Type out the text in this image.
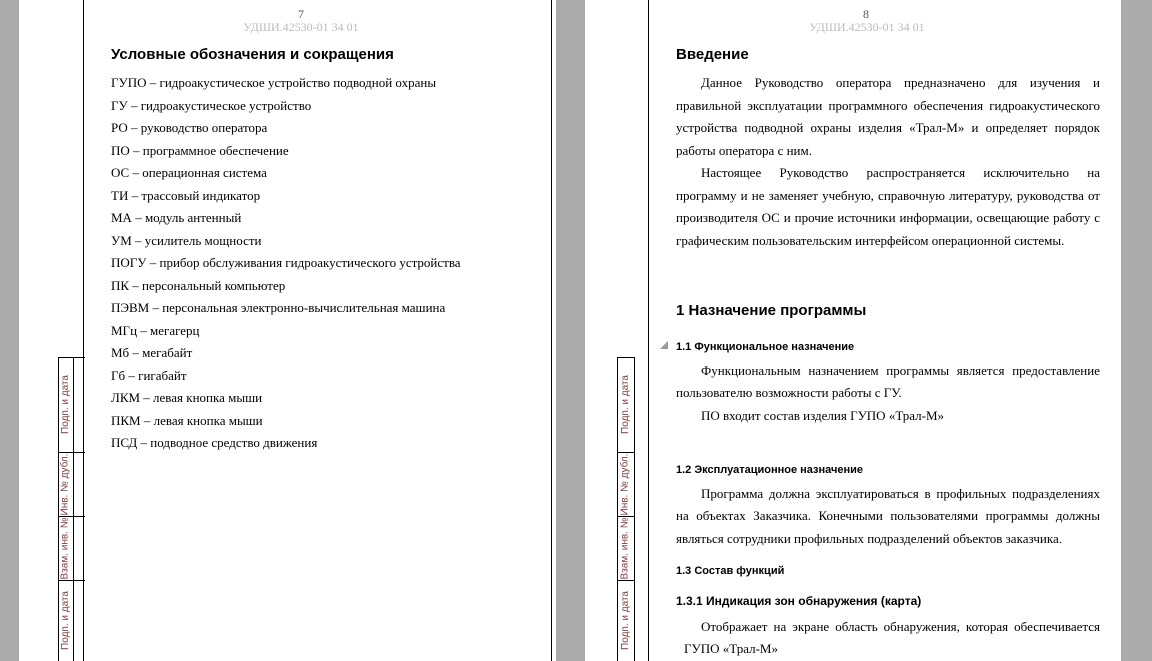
7
УДШИ.42530-01 34 01
Подп. и дата
Инв. № дубл.
Взам. инв. №
Подп. и дата
Условные обозначения и сокращения
ГУПО – гидроакустическое устройство подводной охраны
ГУ – гидроакустическое устройство
РО – руководство оператора
ПО – программное обеспечение
ОС – операционная система
ТИ – трассовый индикатор
МА – модуль антенный
УМ – усилитель мощности
ПОГУ – прибор обслуживания гидроакустического устройства
ПК – персональный компьютер
ПЭВМ – персональная электронно-вычислительная машина
МГц – мегагерц
Мб – мегабайт
Гб – гигабайт
ЛКМ – левая кнопка мыши
ПКМ – левая кнопка мыши
ПСД – подводное средство движения
8
УДШИ.42530-01 34 01
Подп. и дата
Инв. № дубл.
Взам. инв. №
Подп. и дата
Введение
Данное Руководство оператора предназначено для изучения и
правильной эксплуатации программного обеспечения гидроакустического
устройства подводной охраны изделия «Трал-М» и определяет порядок
работы оператора с ним.
Настоящее Руководство распространяется исключительно на
программу и не заменяет учебную, справочную литературу, руководства от
производителя ОС и прочие источники информации, освещающие работу с
графическим пользовательским интерфейсом операционной системы.
1 Назначение программы
1.1 Функциональное назначение
Функциональным назначением программы является предоставление
пользователю возможности работы с ГУ.
ПО входит состав изделия ГУПО «Трал-М»
1.2 Эксплуатационное назначение
Программа должна эксплуатироваться в профильных подразделениях
на объектах Заказчика. Конечными пользователями программы должны
являться сотрудники профильных подразделений объектов заказчика.
1.3 Состав функций
1.3.1 Индикация зон обнаружения (карта)
Отображает на экране область обнаружения, которая обеспечивается
ГУПО «Трал-М»
